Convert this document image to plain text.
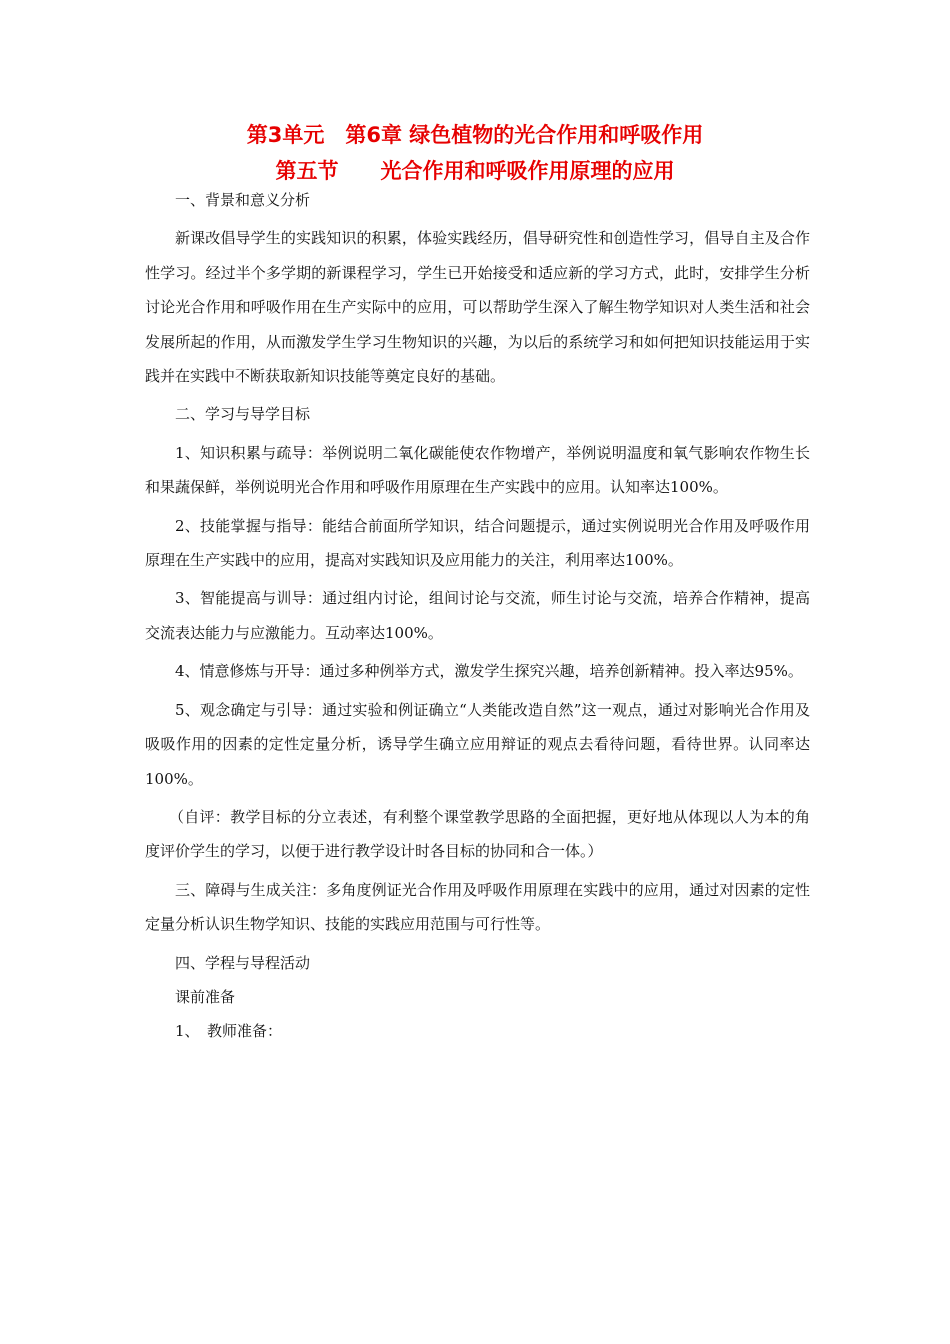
第3单元　第6章 绿色植物的光合作用和呼吸作用
第五节　　光合作用和呼吸作用原理的应用

一、背景和意义分析

新课改倡导学生的实践知识的积累，体验实践经历，倡导研究性和创造性学习，倡导自主及合作性学习。经过半个多学期的新课程学习，学生已开始接受和适应新的学习方式，此时，安排学生分析讨论光合作用和呼吸作用在生产实际中的应用，可以帮助学生深入了解生物学知识对人类生活和社会发展所起的作用，从而激发学生学习生物知识的兴趣，为以后的系统学习和如何把知识技能运用于实践并在实践中不断获取新知识技能等奠定良好的基础。

二、学习与导学目标

1、知识积累与疏导：举例说明二氧化碳能使农作物增产，举例说明温度和氧气影响农作物生长和果蔬保鲜，举例说明光合作用和呼吸作用原理在生产实践中的应用。认知率达100%。

2、技能掌握与指导：能结合前面所学知识，结合问题提示，通过实例说明光合作用及呼吸作用原理在生产实践中的应用，提高对实践知识及应用能力的关注，利用率达100%。

3、智能提高与训导：通过组内讨论，组间讨论与交流，师生讨论与交流，培养合作精神，提高交流表达能力与应激能力。互动率达100%。

4、情意修炼与开导：通过多种例举方式，激发学生探究兴趣，培养创新精神。投入率达95%。

5、观念确定与引导：通过实验和例证确立“人类能改造自然”这一观点，通过对影响光合作用及吸吸作用的因素的定性定量分析，诱导学生确立应用辩证的观点去看待问题，看待世界。认同率达100%。

（自评：教学目标的分立表述，有利整个课堂教学思路的全面把握，更好地从体现以人为本的角度评价学生的学习，以便于进行教学设计时各目标的协同和合一体。）

三、障碍与生成关注：多角度例证光合作用及呼吸作用原理在实践中的应用，通过对因素的定性定量分析认识生物学知识、技能的实践应用范围与可行性等。

四、学程与导程活动

课前准备

1、　教师准备：
